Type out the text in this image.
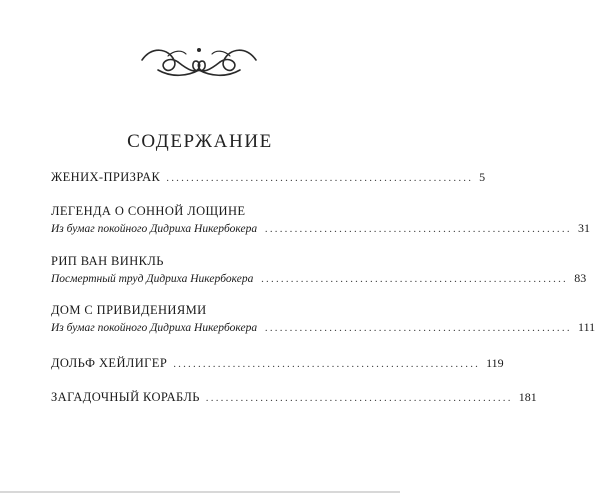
СОДЕРЖАНИЕ
ЖЕНИХ-ПРИЗРАК .............................................................. 5
ЛЕГЕНДА О СОННОЙ ЛОЩИНЕ
Из бумаг покойного Дидриха Никербокера .............................................................. 31
РИП ВАН ВИНКЛЬ
Посмертный труд Дидриха Никербокера .............................................................. 83
ДОМ С ПРИВИДЕНИЯМИ
Из бумаг покойного Дидриха Никербокера .............................................................. 111
ДОЛЬФ ХЕЙЛИГЕР .............................................................. 119
ЗАГАДОЧНЫЙ КОРАБЛЬ .............................................................. 181
